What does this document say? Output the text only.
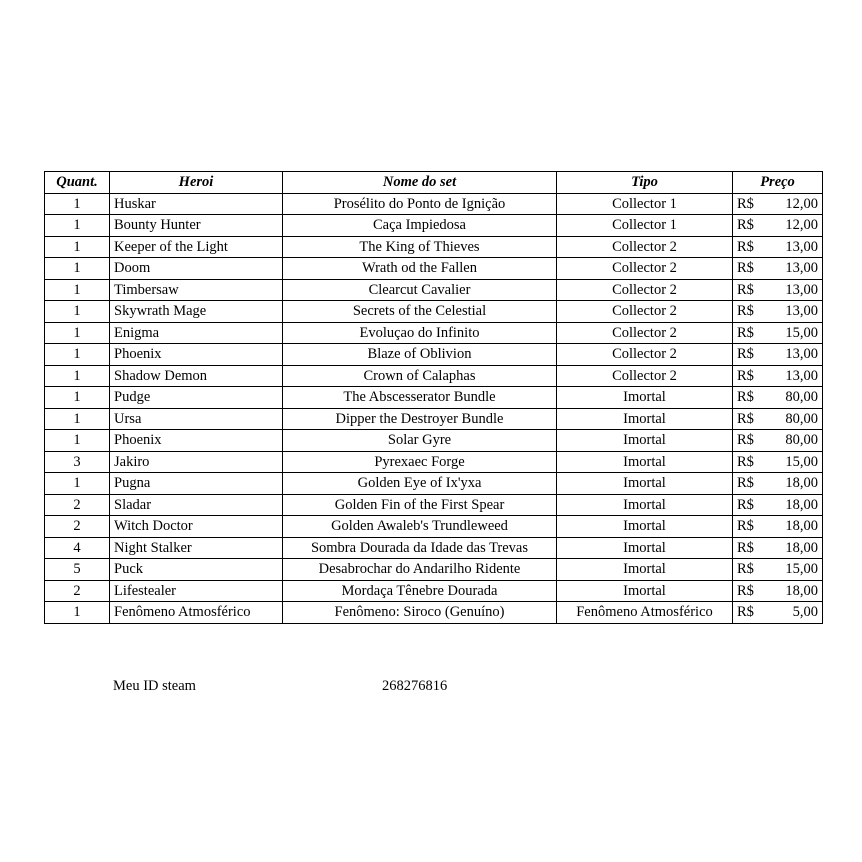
Quant.	Heroi	Nome do set	Tipo	Preço
1	Huskar	Prosélito do Ponto de Ignição	Collector 1	R$ 12,00

1	Bounty Hunter	Caça Impiedosa	Collector 1	R$ 12,00

1	Keeper of the Light	The King of Thieves	Collector 2	R$ 13,00

1	Doom	Wrath od the Fallen	Collector 2	R$ 13,00

1	Timbersaw	Clearcut Cavalier	Collector 2	R$ 13,00

1	Skywrath Mage	Secrets of the Celestial	Collector 2	R$ 13,00

1	Enigma	Evoluçao do Infinito	Collector 2	R$ 15,00

1	Phoenix	Blaze of Oblivion	Collector 2	R$ 13,00

1	Shadow Demon	Crown of Calaphas	Collector 2	R$ 13,00

1	Pudge	The Abscesserator Bundle	Imortal	R$ 80,00

1	Ursa	Dipper the Destroyer Bundle	Imortal	R$ 80,00

1	Phoenix	Solar Gyre	Imortal	R$ 80,00

3	Jakiro	Pyrexaec Forge	Imortal	R$ 15,00

1	Pugna	Golden Eye of Ix'yxa	Imortal	R$ 18,00

2	Sladar	Golden Fin of the First Spear	Imortal	R$ 18,00

2	Witch Doctor	Golden Awaleb's Trundleweed	Imortal	R$ 18,00

4	Night Stalker	Sombra Dourada da Idade das Trevas	Imortal	R$ 18,00

5	Puck	Desabrochar do Andarilho Ridente	Imortal	R$ 15,00

2	Lifestealer	Mordaça Tênebre Dourada	Imortal	R$ 18,00

1	Fenômeno Atmosférico	Fenômeno: Siroco (Genuíno)	Fenômeno Atmosférico	R$ 5,00
Meu ID steam	268276816
